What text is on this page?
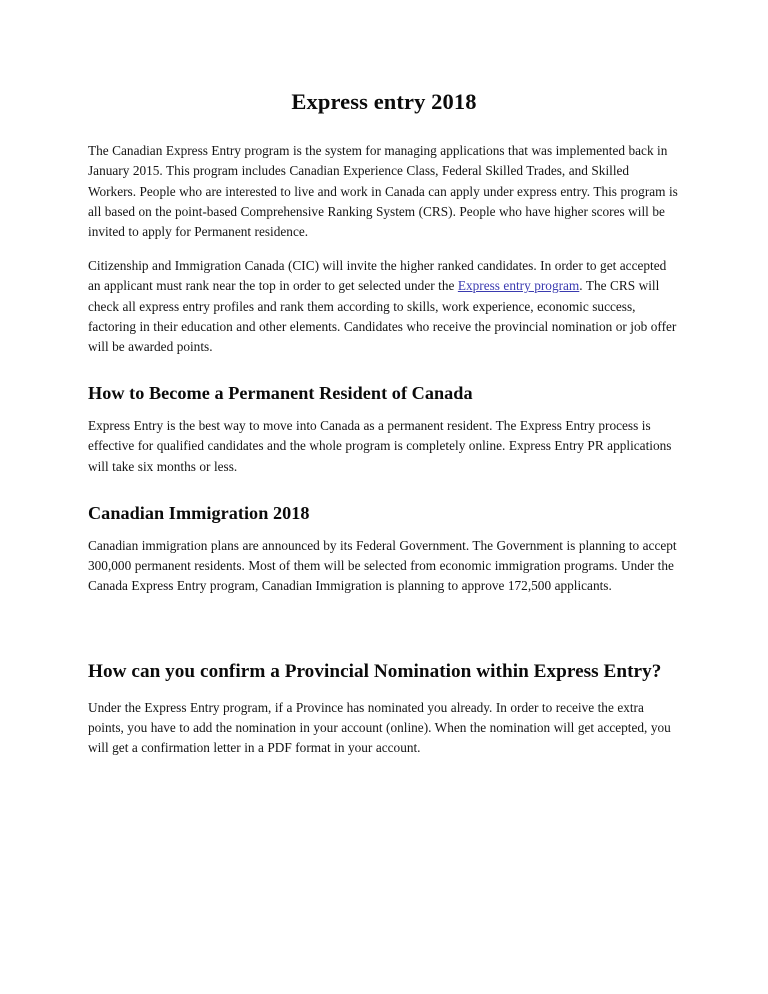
Express entry 2018

The Canadian Express Entry program is the system for managing applications that was implemented back in January 2015. This program includes Canadian Experience Class, Federal Skilled Trades, and Skilled Workers. People who are interested to live and work in Canada can apply under express entry. This program is all based on the point-based Comprehensive Ranking System (CRS). People who have higher scores will be invited to apply for Permanent residence.

Citizenship and Immigration Canada (CIC) will invite the higher ranked candidates. In order to get accepted an applicant must rank near the top in order to get selected under the Express entry program. The CRS will check all express entry profiles and rank them according to skills, work experience, economic success, factoring in their education and other elements. Candidates who receive the provincial nomination or job offer will be awarded points.

How to Become a Permanent Resident of Canada

Express Entry is the best way to move into Canada as a permanent resident. The Express Entry process is effective for qualified candidates and the whole program is completely online. Express Entry PR applications will take six months or less.

Canadian Immigration 2018

Canadian immigration plans are announced by its Federal Government. The Government is planning to accept 300,000 permanent residents. Most of them will be selected from economic immigration programs. Under the Canada Express Entry program, Canadian Immigration is planning to approve 172,500 applicants.

How can you confirm a Provincial Nomination within Express Entry?

Under the Express Entry program, if a Province has nominated you already. In order to receive the extra points, you have to add the nomination in your account (online). When the nomination will get accepted, you will get a confirmation letter in a PDF format in your account.
